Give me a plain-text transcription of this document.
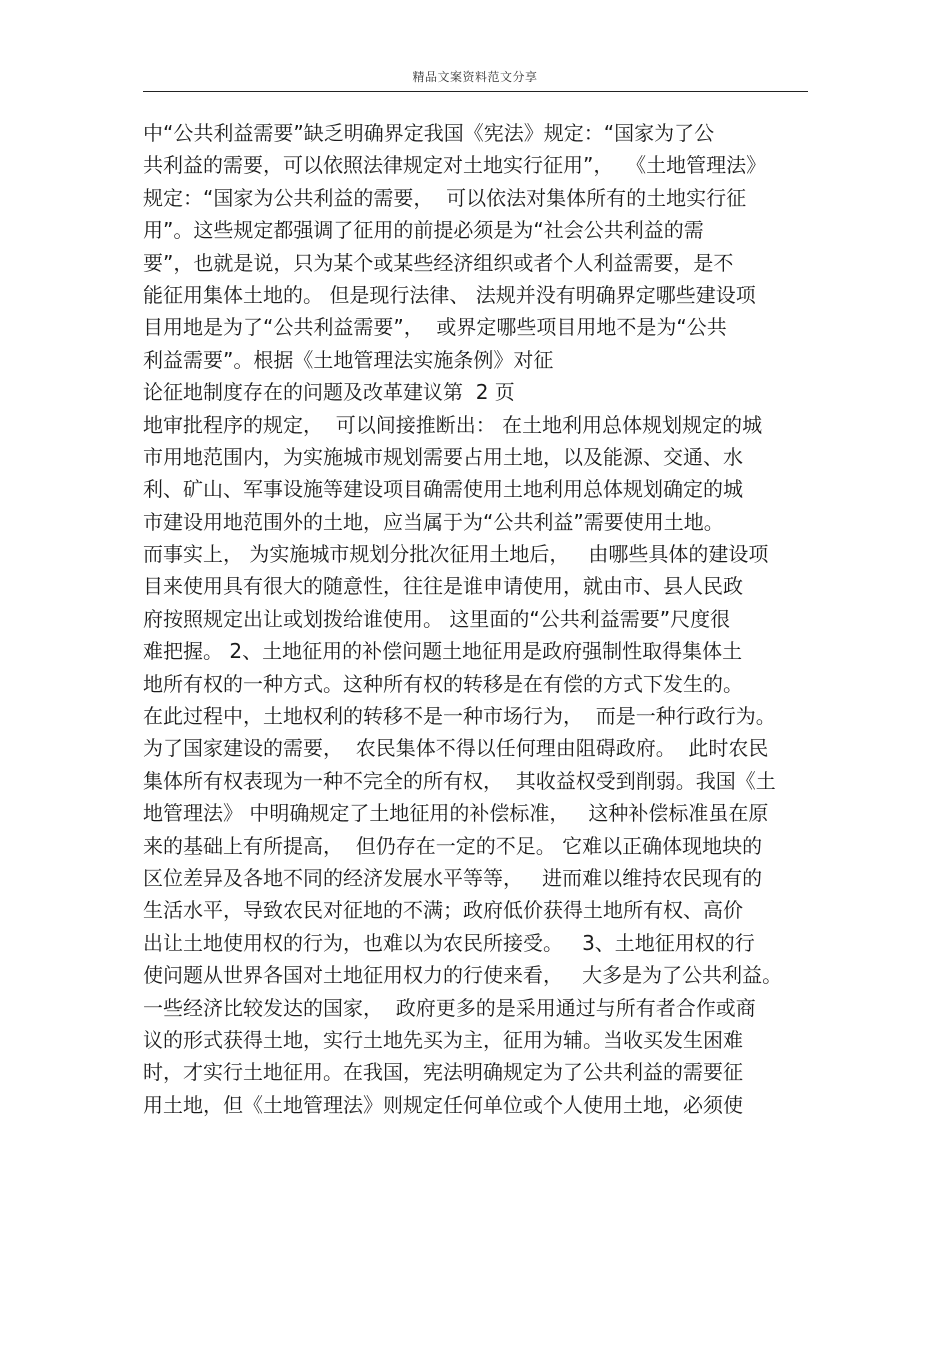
精品文案资料范文分享
中“公共利益需要”缺乏明确界定我国《宪法》规定：“国家为了公
共利益的需要，可以依照法律规定对土地实行征用”，  《土地管理法》
规定：“国家为公共利益的需要，  可以依法对集体所有的土地实行征
用”。这些规定都强调了征用的前提必须是为“社会公共利益的需
要”，也就是说，只为某个或某些经济组织或者个人利益需要，是不
能征用集体土地的。 但是现行法律、 法规并没有明确界定哪些建设项
目用地是为了“公共利益需要”，  或界定哪些项目用地不是为“公共
利益需要”。根据《土地管理法实施条例》对征
论征地制度存在的问题及改革建议第  2 页
地审批程序的规定，  可以间接推断出： 在土地利用总体规划规定的城
市用地范围内，为实施城市规划需要占用土地，以及能源、交通、水
利、矿山、军事设施等建设项目确需使用土地利用总体规划确定的城
市建设用地范围外的土地，应当属于为“公共利益”需要使用土地。
而事实上， 为实施城市规划分批次征用土地后，   由哪些具体的建设项
目来使用具有很大的随意性，往往是谁申请使用，就由市、县人民政
府按照规定出让或划拨给谁使用。 这里面的“公共利益需要”尺度很
难把握。 2、土地征用的补偿问题土地征用是政府强制性取得集体土
地所有权的一种方式。这种所有权的转移是在有偿的方式下发生的。
在此过程中，土地权利的转移不是一种市场行为，  而是一种行政行为。
为了国家建设的需要，  农民集体不得以任何理由阻碍政府。  此时农民
集体所有权表现为一种不完全的所有权，  其收益权受到削弱。我国《土
地管理法》 中明确规定了土地征用的补偿标准，   这种补偿标准虽在原
来的基础上有所提高，  但仍存在一定的不足。 它难以正确体现地块的
区位差异及各地不同的经济发展水平等等，   进而难以维持农民现有的
生活水平，导致农民对征地的不满；政府低价获得土地所有权、高价
出让土地使用权的行为，也难以为农民所接受。   3、土地征用权的行
使问题从世界各国对土地征用权力的行使来看，   大多是为了公共利益。
一些经济比较发达的国家，  政府更多的是采用通过与所有者合作或商
议的形式获得土地，实行土地先买为主，征用为辅。当收买发生困难
时，才实行土地征用。在我国，宪法明确规定为了公共利益的需要征
用土地，但《土地管理法》则规定任何单位或个人使用土地，必须使
